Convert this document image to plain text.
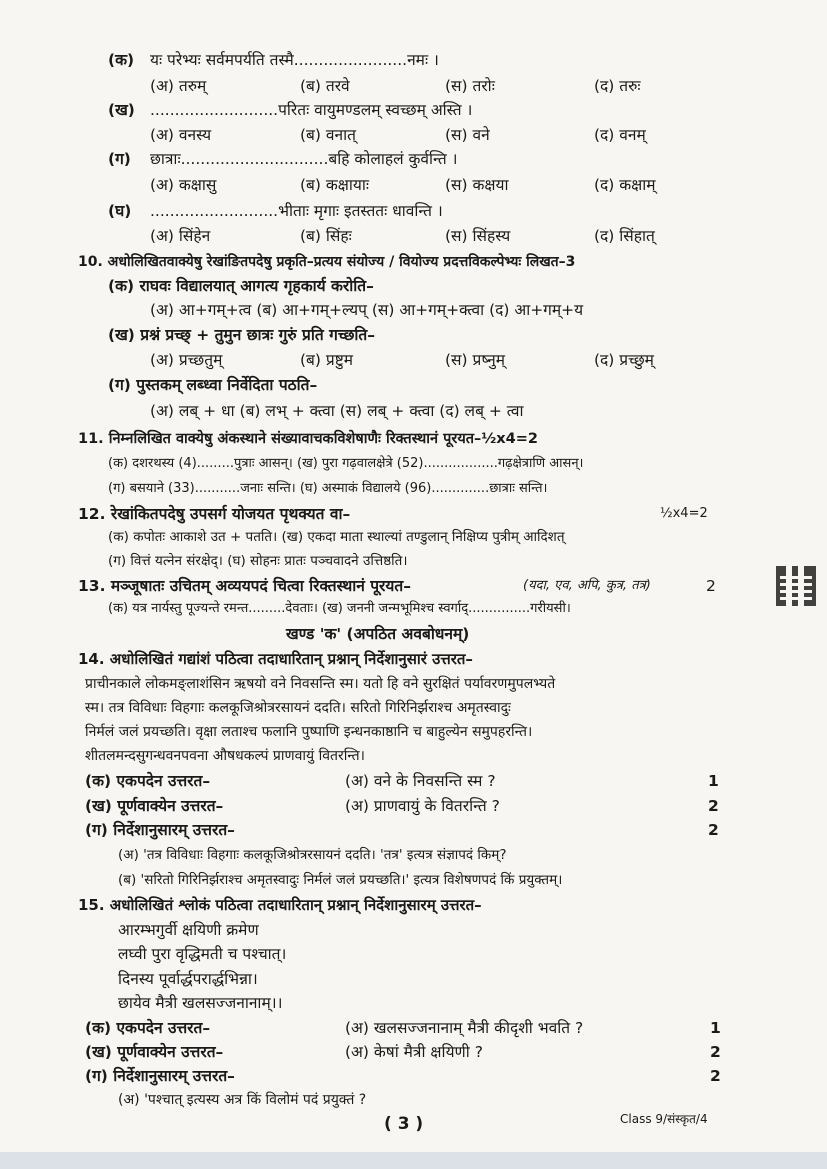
(क) यः परेभ्यः सर्वमपर्यति तस्मै.......................नमः ।
(अ) तरुम्	(ब) तरवे	(स) तरोः	(द) तरुः
(ख) ..........................परितः वायुमण्डलम् स्वच्छम् अस्ति ।
(अ) वनस्य	(ब) वनात्	(स) वने	(द) वनम्
(ग) छात्राः..............................बहि कोलाहलं कुर्वन्ति ।
(अ) कक्षासु	(ब) कक्षायाः	(स) कक्षया	(द) कक्षाम्
(घ) ..........................भीताः मृगाः इतस्ततः धावन्ति ।
(अ) सिंहेन	(ब) सिंहः	(स) सिंहस्य	(द) सिंहात्
10. अधोलिखितवाक्येषु रेखांङितपदेषु प्रकृति–प्रत्यय संयोज्य / वियोज्य प्रदत्तविकल्पेभ्यः लिखत–3
(क) राघवः विद्यालयात् आगत्य गृहकार्य करोति–
(अ) आ+गम्+त्व (ब) आ+गम्+ल्यप् (स) आ+गम्+क्त्वा (द) आ+गम्+य
(ख) प्रश्नं प्रच्छ् + तुमुन छात्रः गुरुं प्रति गच्छति–
(अ) प्रच्छतुम्	(ब) प्रष्टुम	(स) प्रष्नुम्	(द) प्रच्छुम्
(ग) पुस्तकम् लब्ध्वा निर्वेदिता पठति–
(अ) लब् + धा (ब) लभ् + क्त्वा (स) लब् + क्त्वा (द) लब् + त्वा
11. निम्नलिखित वाक्येषु अंकस्थाने संख्यावाचकविशेषाणैः रिक्तस्थानं पूरयत–½x4=2
(क) दशरथस्य (4).........पुत्राः आसन्। (ख) पुरा गढ़वालक्षेत्रे (52)..................गढ़क्षेत्राणि आसन्।
(ग) बसयाने (33)...........जनाः सन्ति। (घ) अस्माकं विद्यालये (96)..............छात्राः सन्ति।
12. रेखांकितपदेषु उपसर्ग योजयत पृथक्यत वा–	½x4=2
(क) कपोतः आकाशे उत + पतति। (ख) एकदा माता स्थाल्यां तण्डुलान् निक्षिप्य पुत्रीम् आदिशत्
(ग) वित्तं यत्नेन संरक्षेद्। (घ) सोहनः प्रातः पञ्चवादने उत्तिष्ठति।
13. मञ्जूषातः उचितम् अव्ययपदं चित्वा रिक्तस्थानं पूरयत–	(यदा, एव, अपि, कुत्र, तत्र)	2
(क) यत्र नार्यस्तु पूज्यन्ते रमन्त.........देवताः। (ख) जननी जन्मभूमिश्च स्वर्गाद्...............गरीयसी।
खण्ड 'क' (अपठित अवबोधनम्)
14. अधोलिखितं गद्यांशं पठित्वा तदाधारितान् प्रश्नान् निर्देशानुसारं उत्तरत–
प्राचीनकाले लोकमङ्लाशंसिन ऋषयो वने निवसन्ति स्म। यतो हि वने सुरक्षितं पर्यावरणमुपलभ्यते
स्म। तत्र विविधाः विहगाः कलकूजिश्रोत्ररसायनं ददति। सरितो गिरिनिर्झराश्च अमृतस्वादुः
निर्मलं जलं प्रयच्छति। वृक्षा लताश्च फलानि पुष्पाणि इन्धनकाष्ठानि च बाहुल्येन समुपहरन्ति।
शीतलमन्दसुगन्धवनपवना औषधकल्पं प्राणवायुं वितरन्ति।
(क) एकपदेन उत्तरत–	(अ) वने के निवसन्ति स्म ?	1
(ख) पूर्णवाक्येन उत्तरत–	(अ) प्राणवायुं के वितरन्ति ?	2
(ग) निर्देशानुसारम् उत्तरत–	2
(अ) 'तत्र विविधाः विहगाः कलकूजिश्रोत्ररसायनं ददति। 'तत्र' इत्यत्र संज्ञापदं किम्?
(ब) 'सरितो गिरिनिर्झराश्च अमृतस्वादुः निर्मलं जलं प्रयच्छति।' इत्यत्र विशेषणपदं किं प्रयुक्तम्।
15. अधोलिखितं श्लोकं पठित्वा तदाधारितान् प्रश्नान् निर्देशानुसारम् उत्तरत–
आरम्भगुर्वी क्षयिणी क्रमेण
लघ्वी पुरा वृद्धिमती च पश्चात्।
दिनस्य पूर्वार्द्धपरार्द्धभिन्ना।
छायेव मैत्री खलसज्जनानाम्।।
(क) एकपदेन उत्तरत–	(अ) खलसज्जनानाम् मैत्री कीदृशी भवति ?	1
(ख) पूर्णवाक्येन उत्तरत–	(अ) केषां मैत्री क्षयिणी ?	2
(ग) निर्देशानुसारम् उत्तरत–	2
(अ) 'पश्चात् इत्यस्य अत्र किं विलोमं पदं प्रयुक्तं ?
( 3 )	Class 9/संस्कृत/4
